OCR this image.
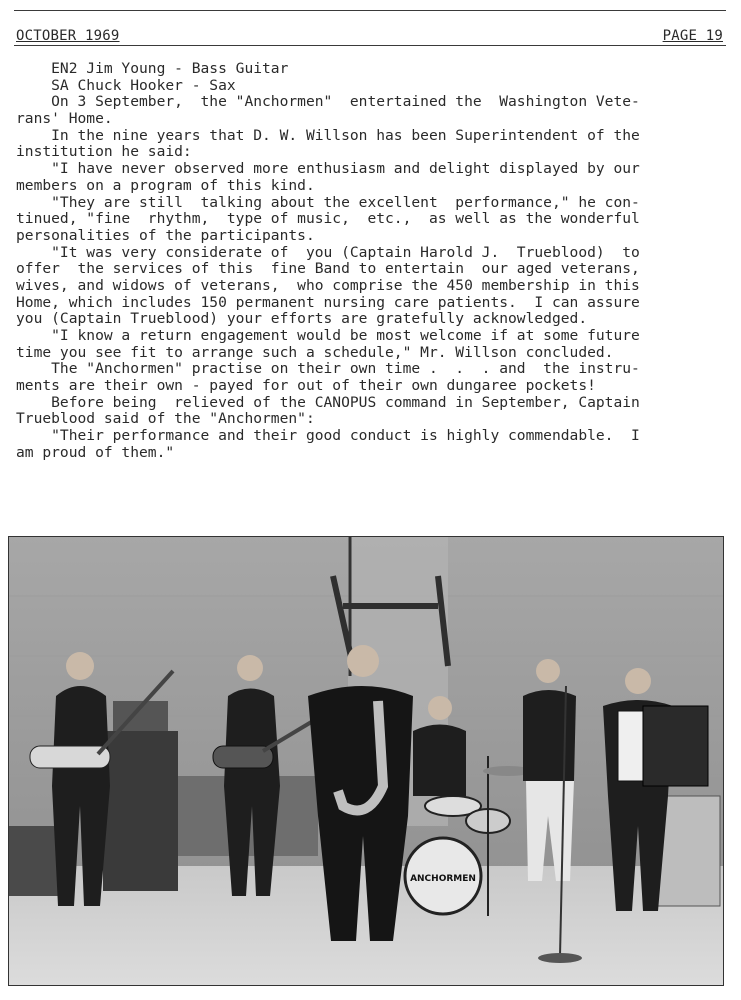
OCTOBER 1969	PAGE 19
EN2 Jim Young - Bass Guitar
SA Chuck Hooker - Sax
On 3 September,  the "Anchormen"  entertained the  Washington Vete-
rans' Home.
In the nine years that D. W. Willson has been Superintendent of the
institution he said:
"I have never observed more enthusiasm and delight displayed by our
members on a program of this kind.
"They are still  talking about the excellent  performance," he con-
tinued, "fine  rhythm,  type of music,  etc.,  as well as the wonderful
personalities of the participants.
"It was very considerate of  you (Captain Harold J.  Trueblood)  to
offer  the services of this  fine Band to entertain  our aged veterans,
wives, and widows of veterans,  who comprise the 450 membership in this
Home, which includes 150 permanent nursing care patients.  I can assure
you (Captain Trueblood) your efforts are gratefully acknowledged.
"I know a return engagement would be most welcome if at some future
time you see fit to arrange such a schedule," Mr. Willson concluded.
The "Anchormen" practise on their own time .  .  . and  the instru-
ments are their own - payed for out of their own dungaree pockets!
Before being  relieved of the CANOPUS command in September, Captain
Trueblood said of the "Anchormen":
"Their performance and their good conduct is highly commendable.  I
am proud of them."
ANCHORMEN
